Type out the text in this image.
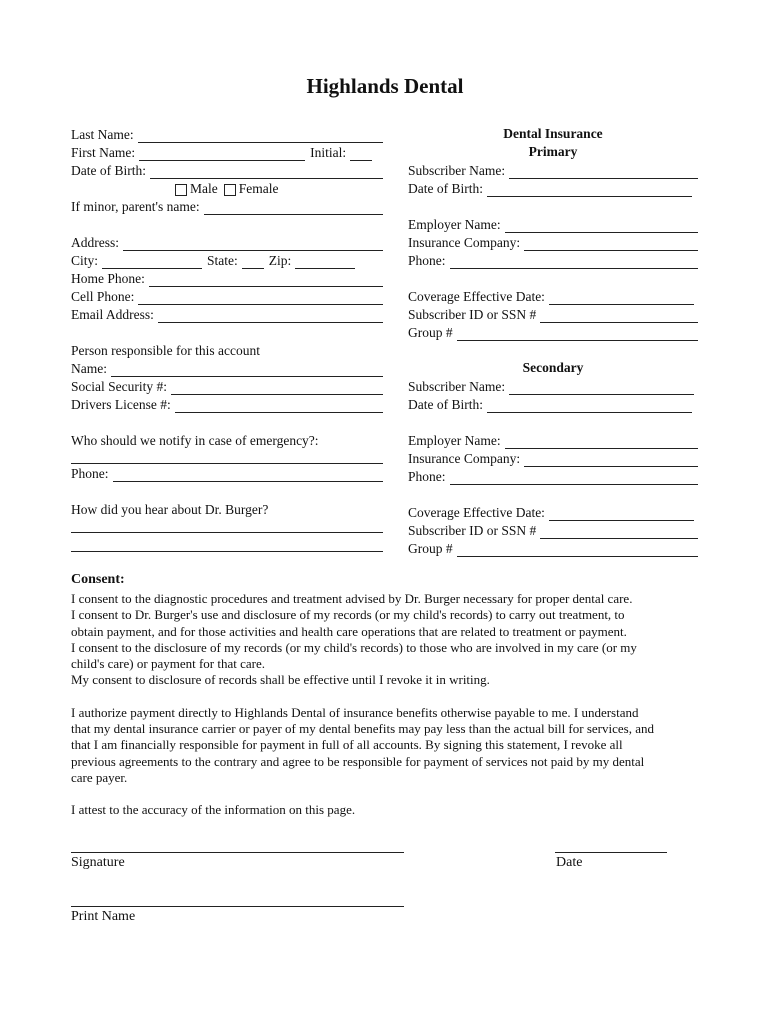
Highlands Dental
Last Name:
First Name:	Initial:
Date of Birth:
Male Female
If minor, parent's name:
Address:
City:	State: Zip:
Home Phone:
Cell Phone:
Email Address:
Person responsible for this account
Name:
Social Security #:
Drivers License #:
Who should we notify in case of emergency?:
Phone:
How did you hear about Dr. Burger?
Dental Insurance
Primary
Subscriber Name:
Date of Birth:
Employer Name:
Insurance Company:
Phone:
Coverage Effective Date:
Subscriber ID or SSN #
Group #
Secondary
Subscriber Name:
Date of Birth:
Employer Name:
Insurance Company:
Phone:
Coverage Effective Date:
Subscriber ID or SSN #
Group #
Consent:

I consent to the diagnostic procedures and treatment advised by Dr. Burger necessary for proper dental care.

I consent to Dr. Burger's use and disclosure of my records (or my child's records) to carry out treatment, to

obtain payment, and for those activities and health care operations that are related to treatment or payment.

I consent to the disclosure of my records (or my child's records) to those who are involved in my care (or my

child's care) or payment for that care.

My consent to disclosure of records shall be effective until I revoke it in writing.

I authorize payment directly to Highlands Dental of insurance benefits otherwise payable to me. I understand

that my dental insurance carrier or payer of my dental benefits may pay less than the actual bill for services, and

that I am financially responsible for payment in full of all accounts. By signing this statement, I revoke all

previous agreements to the contrary and agree to be responsible for payment of services not paid by my dental

care payer.

I attest to the accuracy of the information on this page.

Signature	Date
Print Name
